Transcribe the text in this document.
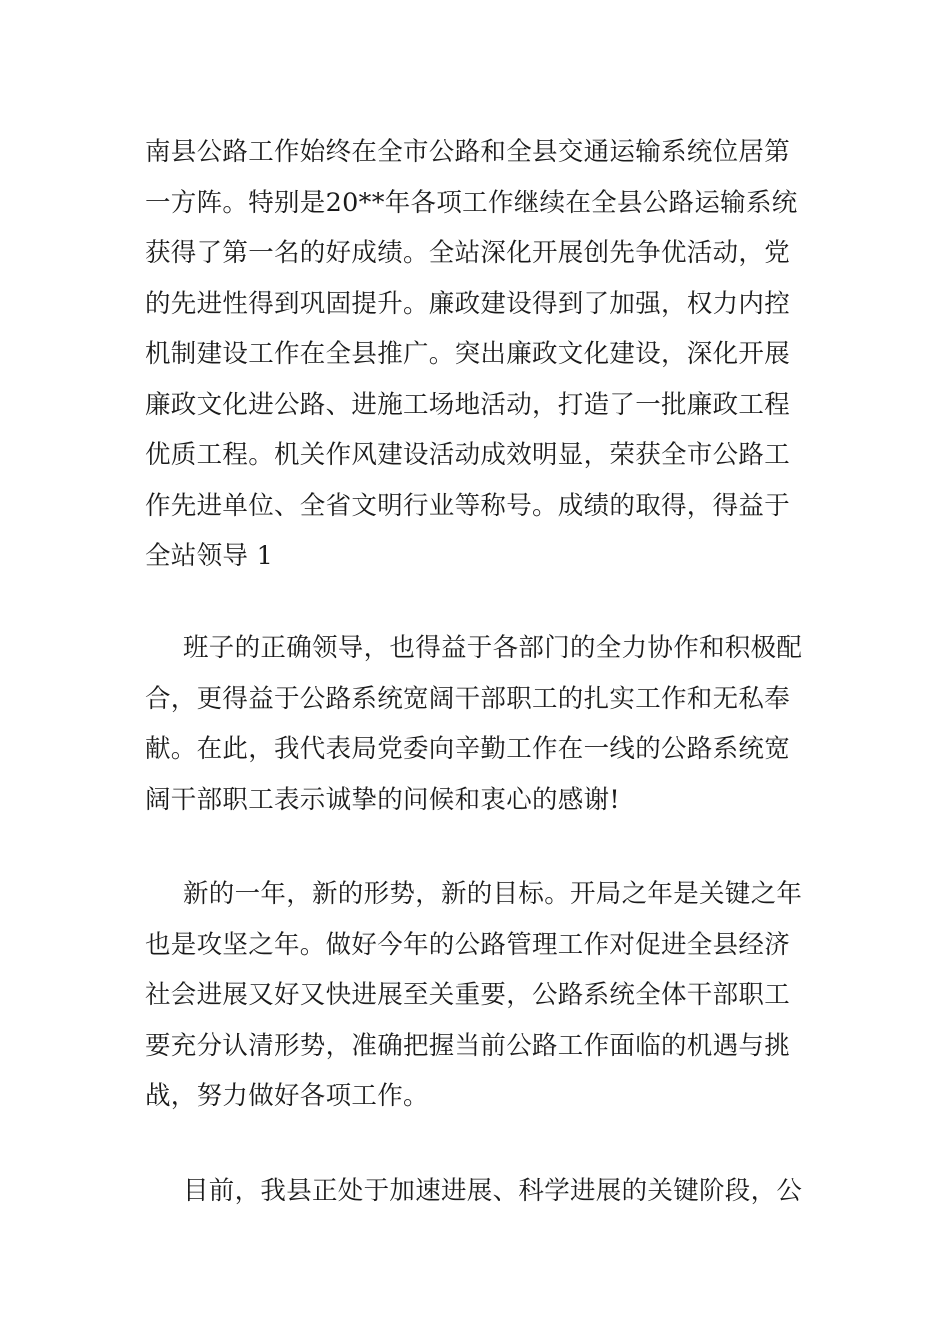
南县公路工作始终在全市公路和全县交通运输系统位居第
一方阵。特别是20**年各项工作继续在全县公路运输系统
获得了第一名的好成绩。全站深化开展创先争优活动，党
的先进性得到巩固提升。廉政建设得到了加强，权力内控
机制建设工作在全县推广。突出廉政文化建设，深化开展
廉政文化进公路、进施工场地活动，打造了一批廉政工程
优质工程。机关作风建设活动成效明显，荣获全市公路工
作先进单位、全省文明行业等称号。成绩的取得，得益于
全站领导 1
班子的正确领导，也得益于各部门的全力协作和积极配
合，更得益于公路系统宽阔干部职工的扎实工作和无私奉
献。在此，我代表局党委向辛勤工作在一线的公路系统宽
阔干部职工表示诚挚的问候和衷心的感谢!
新的一年，新的形势，新的目标。开局之年是关键之年
也是攻坚之年。做好今年的公路管理工作对促进全县经济
社会进展又好又快进展至关重要，公路系统全体干部职工
要充分认清形势，准确把握当前公路工作面临的机遇与挑
战，努力做好各项工作。
目前，我县正处于加速进展、科学进展的关键阶段，公
